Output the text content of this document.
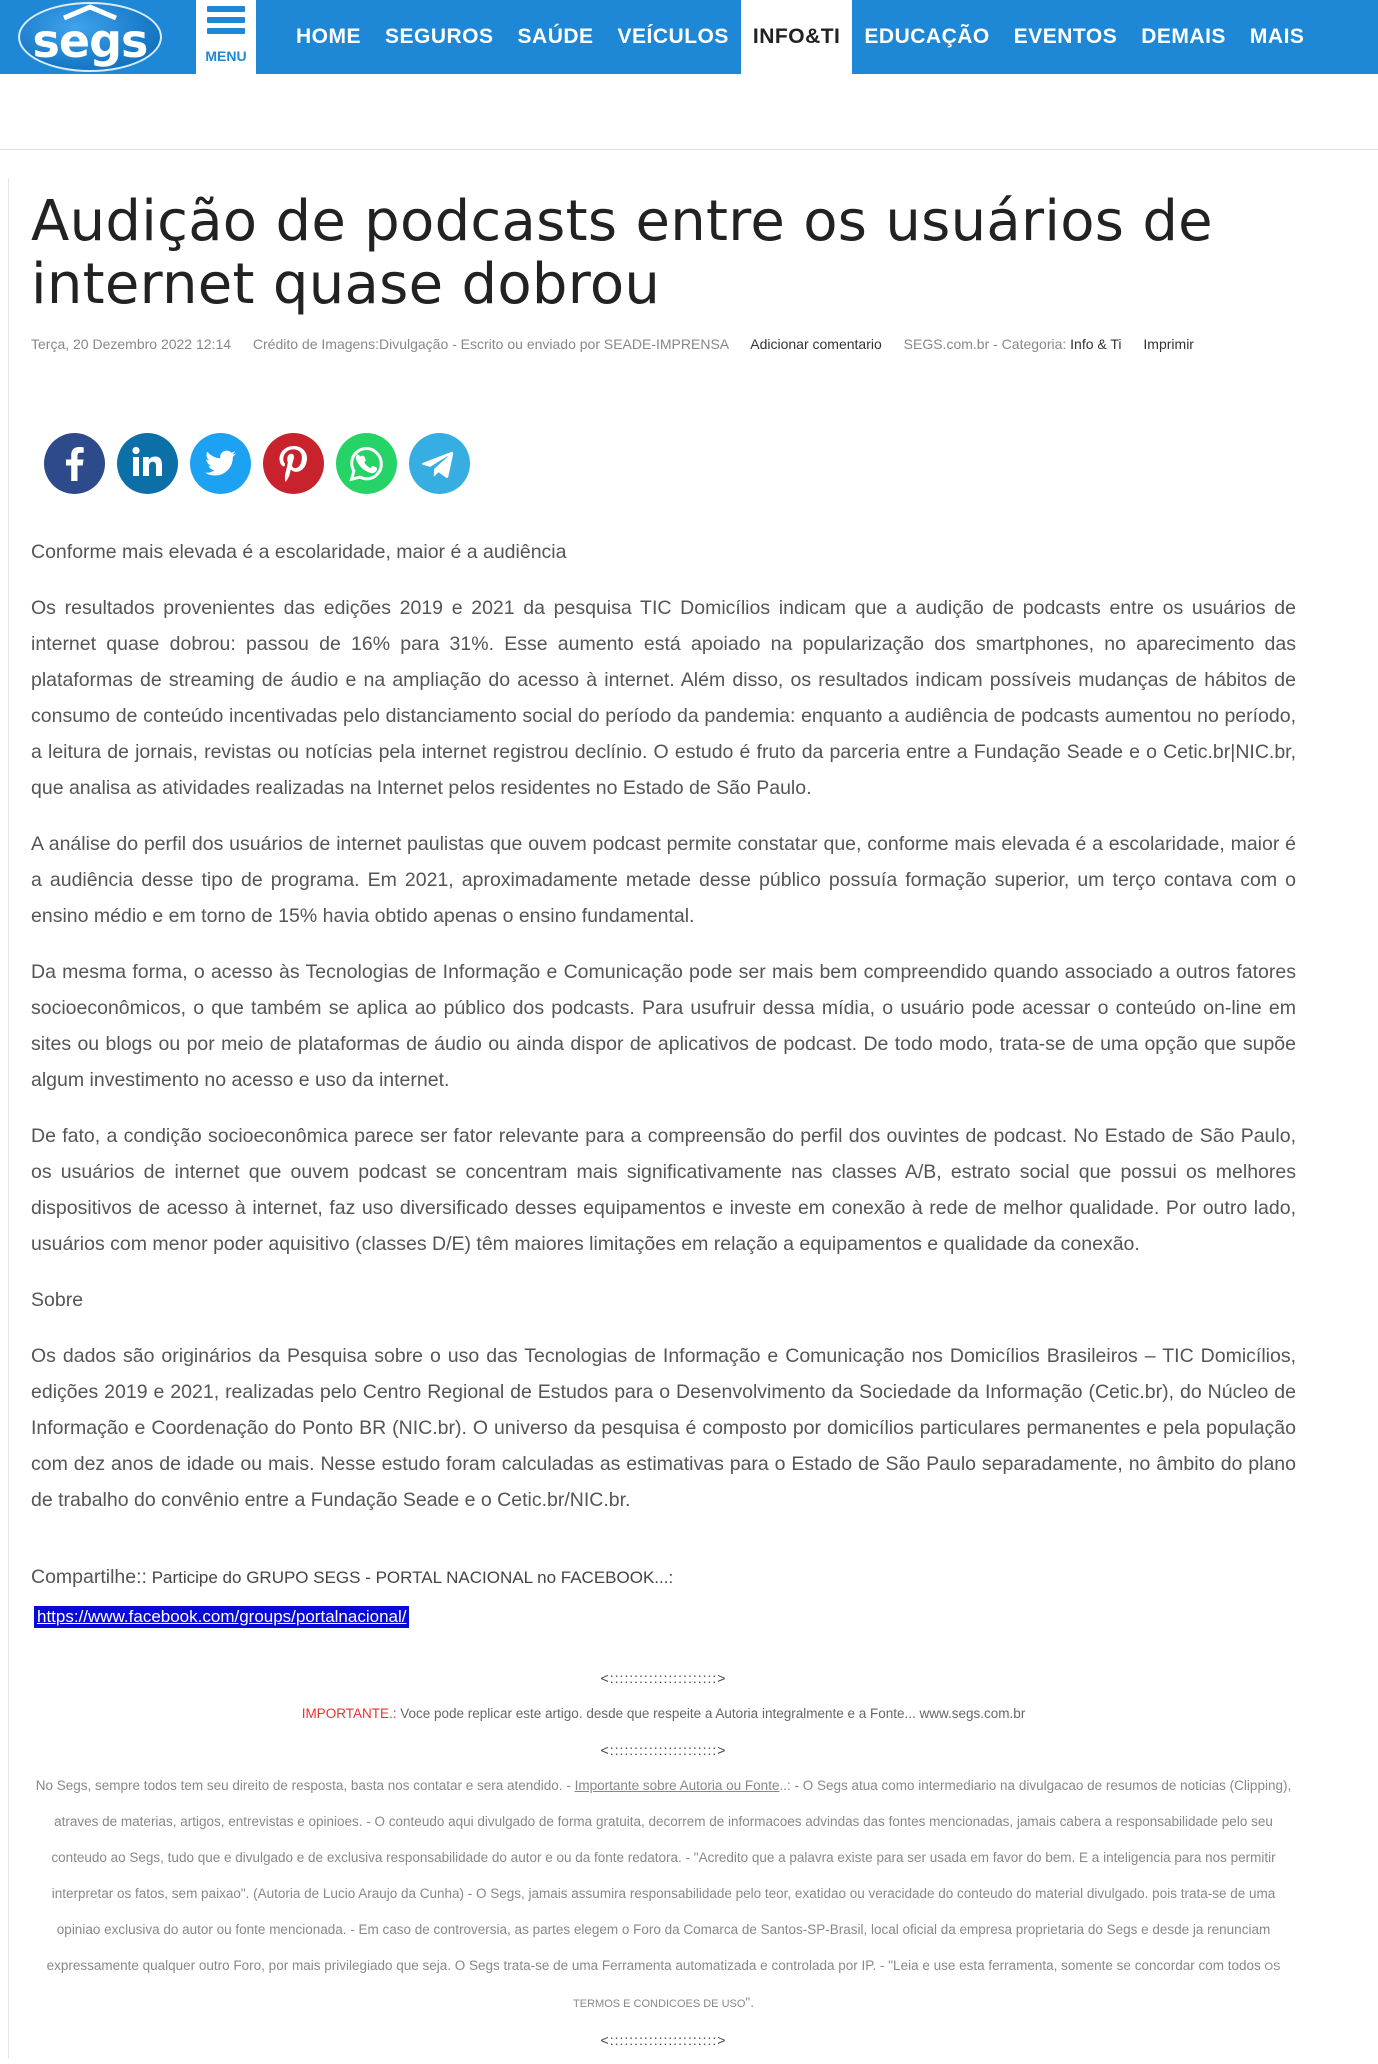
segs	MENU
HOME	SEGUROS	SAÚDE	VEÍCULOS	INFO&TI	EDUCAÇÃO	EVENTOS	DEMAIS	MAIS
Audição de podcasts entre os usuários de internet quase dobrou
Terça, 20 Dezembro 2022 12:14 Crédito de Imagens:Divulgação - Escrito ou enviado por SEADE-IMPRENSA Adicionar comentario SEGS.com.br - Categoria: Info & Ti Imprimir

Conforme mais elevada é a escolaridade, maior é a audiência

Os resultados provenientes das edições 2019 e 2021 da pesquisa TIC Domicílios indicam que a audição de podcasts entre os usuários de internet quase dobrou: passou de 16% para 31%. Esse aumento está apoiado na popularização dos smartphones, no aparecimento das plataformas de streaming de áudio e na ampliação do acesso à internet. Além disso, os resultados indicam possíveis mudanças de hábitos de consumo de conteúdo incentivadas pelo distanciamento social do período da pandemia: enquanto a audiência de podcasts aumentou no período, a leitura de jornais, revistas ou notícias pela internet registrou declínio. O estudo é fruto da parceria entre a Fundação Seade e o Cetic.br|NIC.br, que analisa as atividades realizadas na Internet pelos residentes no Estado de São Paulo.

A análise do perfil dos usuários de internet paulistas que ouvem podcast permite constatar que, conforme mais elevada é a escolaridade, maior é a audiência desse tipo de programa. Em 2021, aproximadamente metade desse público possuía formação superior, um terço contava com o ensino médio e em torno de 15% havia obtido apenas o ensino fundamental.

Da mesma forma, o acesso às Tecnologias de Informação e Comunicação pode ser mais bem compreendido quando associado a outros fatores socioeconômicos, o que também se aplica ao público dos podcasts. Para usufruir dessa mídia, o usuário pode acessar o conteúdo on-line em sites ou blogs ou por meio de plataformas de áudio ou ainda dispor de aplicativos de podcast. De todo modo, trata-se de uma opção que supõe algum investimento no acesso e uso da internet.

De fato, a condição socioeconômica parece ser fator relevante para a compreensão do perfil dos ouvintes de podcast. No Estado de São Paulo, os usuários de internet que ouvem podcast se concentram mais significativamente nas classes A/B, estrato social que possui os melhores dispositivos de acesso à internet, faz uso diversificado desses equipamentos e investe em conexão à rede de melhor qualidade. Por outro lado, usuários com menor poder aquisitivo (classes D/E) têm maiores limitações em relação a equipamentos e qualidade da conexão.

Sobre

Os dados são originários da Pesquisa sobre o uso das Tecnologias de Informação e Comunicação nos Domicílios Brasileiros – TIC Domicílios, edições 2019 e 2021, realizadas pelo Centro Regional de Estudos para o Desenvolvimento da Sociedade da Informação (Cetic.br), do Núcleo de Informação e Coordenação do Ponto BR (NIC.br). O universo da pesquisa é composto por domicílios particulares permanentes e pela população com dez anos de idade ou mais. Nesse estudo foram calculadas as estimativas para o Estado de São Paulo separadamente, no âmbito do plano de trabalho do convênio entre a Fundação Seade e o Cetic.br/NIC.br.

Compartilhe:: Participe do GRUPO SEGS - PORTAL NACIONAL no FACEBOOK...:
https://www.facebook.com/groups/portalnacional/
<::::::::::::::::::::::>
IMPORTANTE.: Voce pode replicar este artigo. desde que respeite a Autoria integralmente e a Fonte... www.segs.com.br
<::::::::::::::::::::::>
No Segs, sempre todos tem seu direito de resposta, basta nos contatar e sera atendido. - Importante sobre Autoria ou Fonte..: - O Segs atua como intermediario na divulgacao de resumos de noticias (Clipping), atraves de materias, artigos, entrevistas e opinioes. - O conteudo aqui divulgado de forma gratuita, decorrem de informacoes advindas das fontes mencionadas, jamais cabera a responsabilidade pelo seu conteudo ao Segs, tudo que e divulgado e de exclusiva responsabilidade do autor e ou da fonte redatora. - "Acredito que a palavra existe para ser usada em favor do bem. E a inteligencia para nos permitir interpretar os fatos, sem paixao". (Autoria de Lucio Araujo da Cunha) - O Segs, jamais assumira responsabilidade pelo teor, exatidao ou veracidade do conteudo do material divulgado. pois trata-se de uma opiniao exclusiva do autor ou fonte mencionada. - Em caso de controversia, as partes elegem o Foro da Comarca de Santos-SP-Brasil, local oficial da empresa proprietaria do Segs e desde ja renunciam expressamente qualquer outro Foro, por mais privilegiado que seja. O Segs trata-se de uma Ferramenta automatizada e controlada por IP. - "Leia e use esta ferramenta, somente se concordar com todos OS TERMOS E CONDICOES DE USO".
<::::::::::::::::::::::>
